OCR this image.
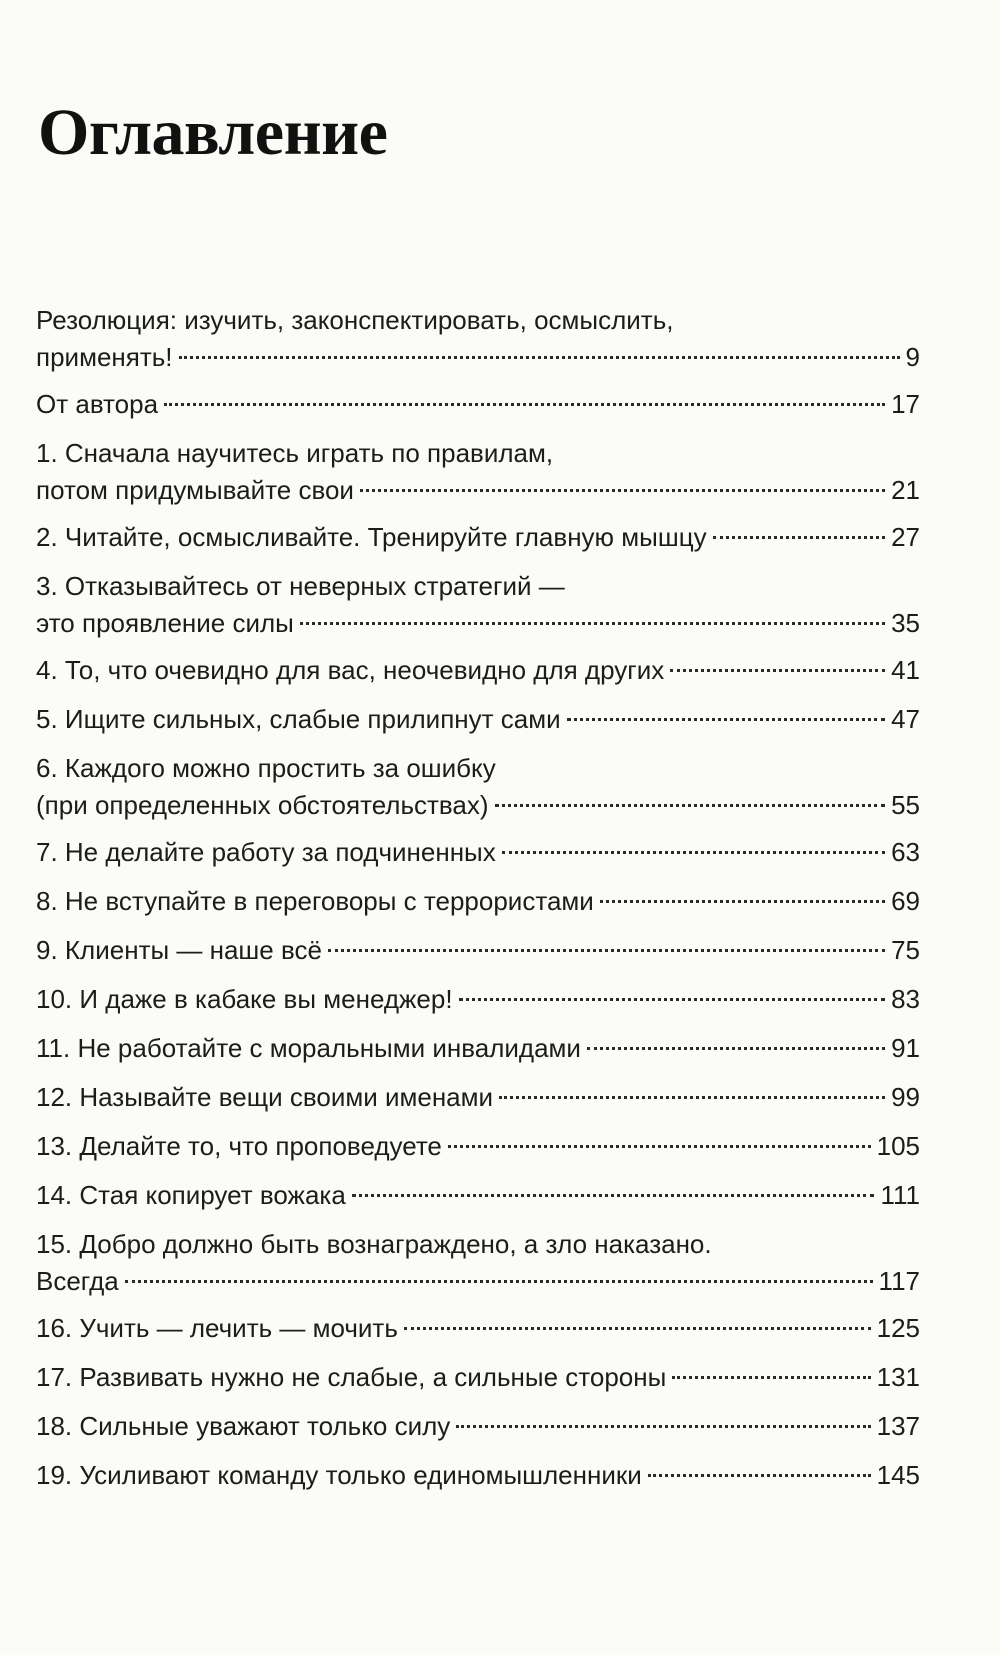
Оглавление
Резолюция: изучить, законспектировать, осмыслить,
применять!	9
От автора	17
1. Сначала научитесь играть по правилам,
потом придумывайте свои	21
2. Читайте, осмысливайте. Тренируйте главную мышцу	27
3. Отказывайтесь от неверных стратегий —
это проявление силы	35
4. То, что очевидно для вас, неочевидно для других	41
5. Ищите сильных, слабые прилипнут сами	47
6. Каждого можно простить за ошибку
(при определенных обстоятельствах)	55
7. Не делайте работу за подчиненных	63
8. Не вступайте в переговоры с террористами	69
9. Клиенты — наше всё	75
10. И даже в кабаке вы менеджер!	83
11. Не работайте с моральными инвалидами	91
12. Называйте вещи своими именами	99
13. Делайте то, что проповедуете	105
14. Стая копирует вожака	111
15. Добро должно быть вознаграждено, а зло наказано.
Всегда	117
16. Учить — лечить — мочить	125
17. Развивать нужно не слабые, а сильные стороны	131
18. Сильные уважают только силу	137
19. Усиливают команду только единомышленники	145
